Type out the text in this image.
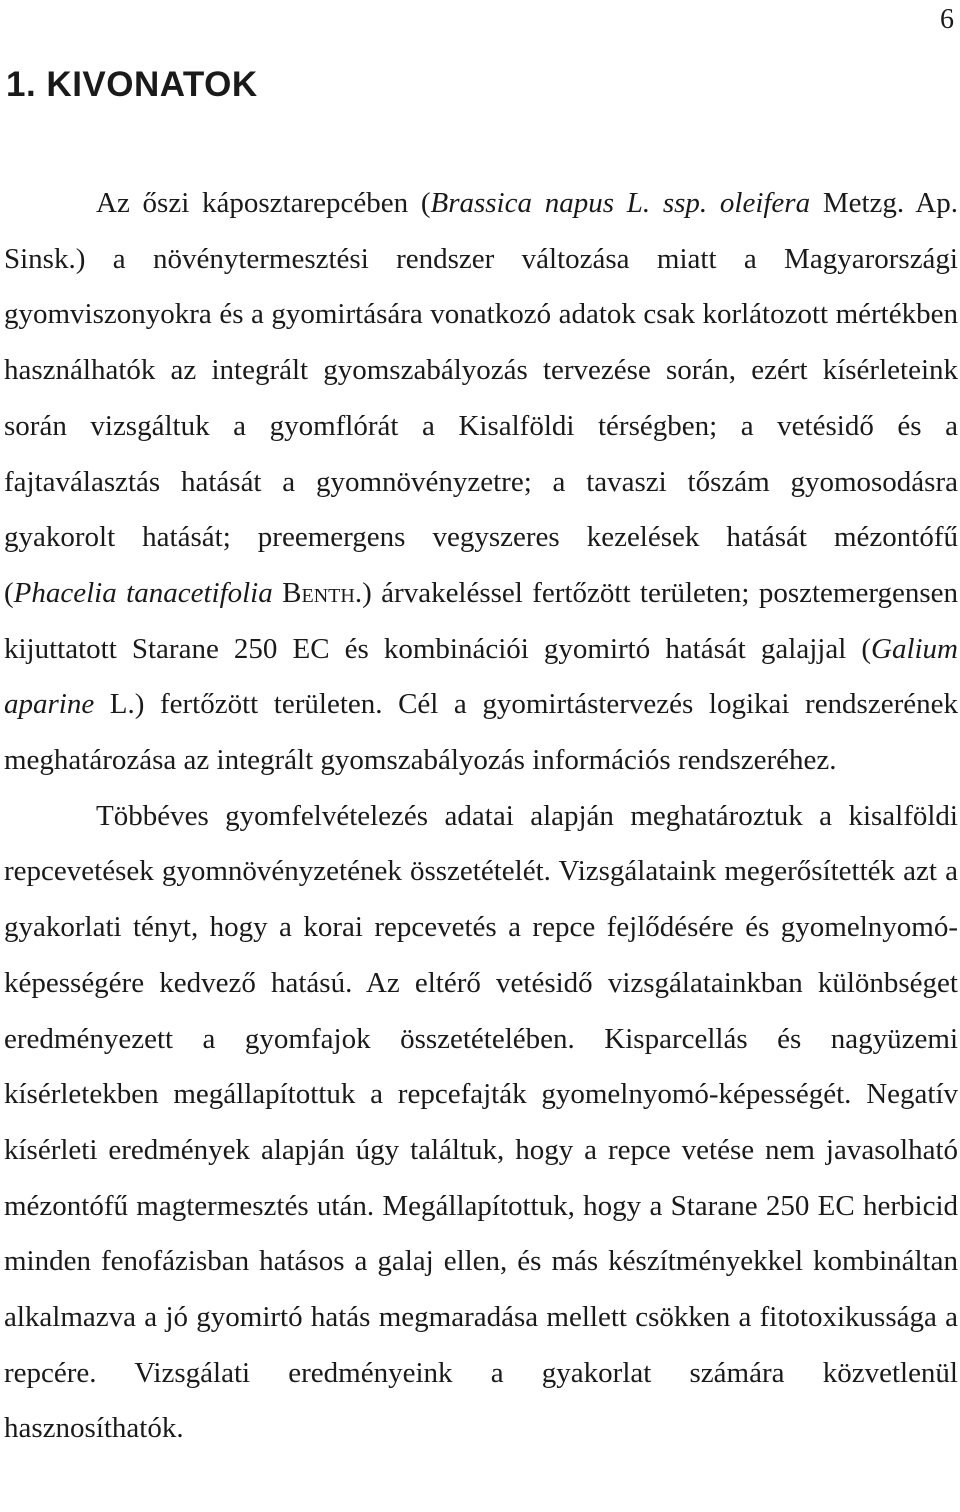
6
1. KIVONATOK

Az őszi káposztarepcében (Brassica napus L. ssp. oleifera Metzg. Ap. Sinsk.) a növénytermesztési rendszer változása miatt a Magyarországi gyomviszonyokra és a gyomirtására vonatkozó adatok csak korlátozott mértékben használhatók az integrált gyomszabályozás tervezése során, ezért kísérleteink során vizsgáltuk a gyomflórát a Kisalföldi térségben; a vetésidő és a fajtaválasztás hatását a gyomnövényzetre; a tavaszi tőszám gyomosodásra gyakorolt hatását; preemergens vegyszeres kezelések hatását mézontófű (Phacelia tanacetifolia Benth.) árvakeléssel fertőzött területen; posztemergensen kijuttatott Starane 250 EC és kombinációi gyomirtó hatását galajjal (Galium aparine L.) fertőzött területen. Cél a gyomirtástervezés logikai rendszerének meghatározása az integrált gyomszabályozás információs rendszeréhez.

Többéves gyomfelvételezés adatai alapján meghatároztuk a kisalföldi repcevetések gyomnövényzetének összetételét. Vizsgálataink megerősítették azt a gyakorlati tényt, hogy a korai repcevetés a repce fejlődésére és gyomelnyomó-képességére kedvező hatású. Az eltérő vetésidő vizsgálatainkban különbséget eredményezett a gyomfajok összetételében. Kisparcellás és nagyüzemi kísérletekben megállapítottuk a repcefajták gyomelnyomó-képességét. Negatív kísérleti eredmények alapján úgy találtuk, hogy a repce vetése nem javasolható mézontófű magtermesztés után. Megállapítottuk, hogy a Starane 250 EC herbicid minden fenofázisban hatásos a galaj ellen, és más készítményekkel kombináltan alkalmazva a jó gyomirtó hatás megmaradása mellett csökken a fitotoxikussága a repcére. Vizsgálati eredményeink a gyakorlat számára közvetlenül hasznosíthatók.
